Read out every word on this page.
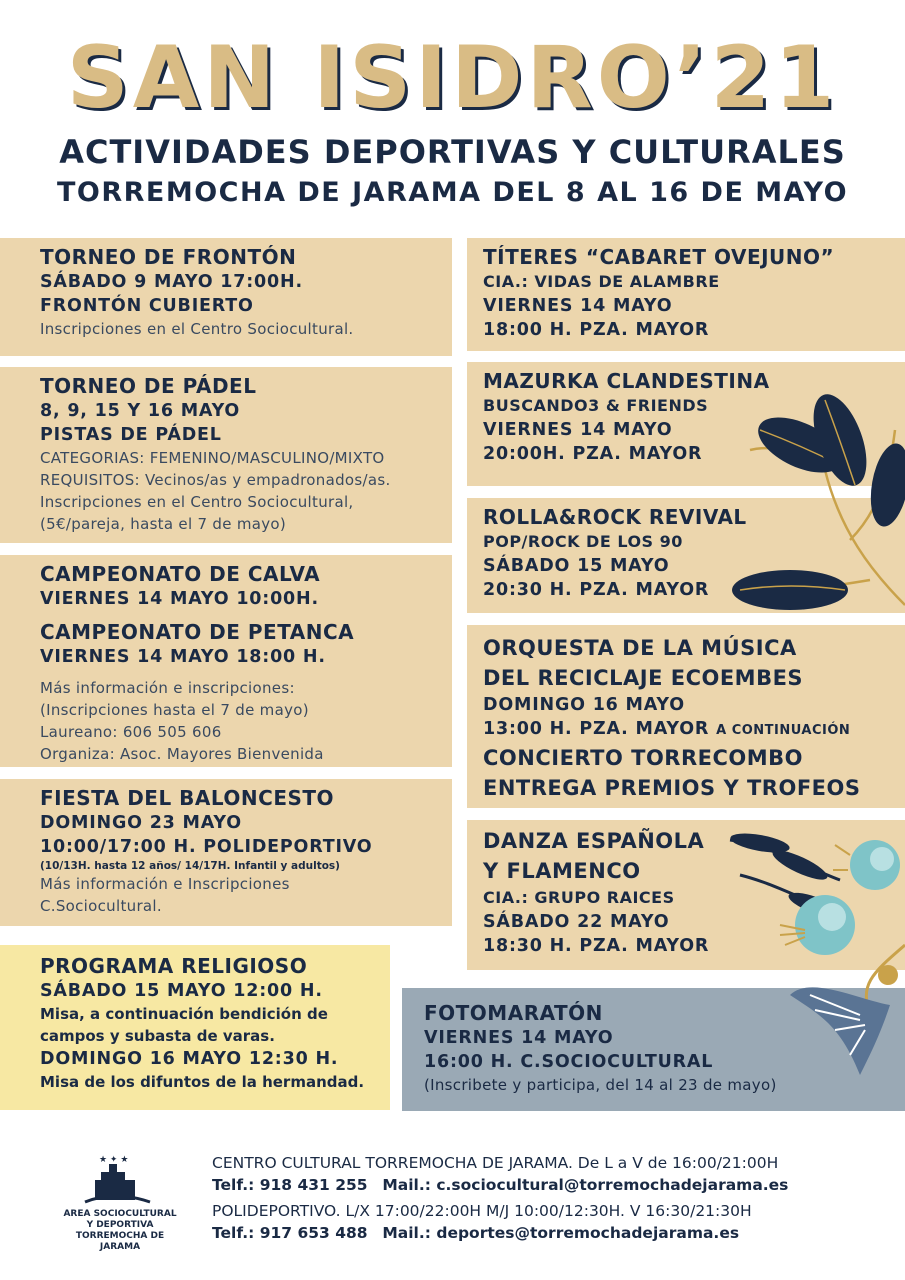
SAN ISIDRO’21
ACTIVIDADES DEPORTIVAS Y CULTURALES
TORREMOCHA DE JARAMA DEL 8 AL 16 DE MAYO
TORNEO DE FRONTÓN
SÁBADO 9 MAYO 17:00H.
FRONTÓN CUBIERTO
Inscripciones en el Centro Sociocultural.
TORNEO DE PÁDEL
8, 9, 15 Y 16 MAYO
PISTAS DE PÁDEL
CATEGORIAS: FEMENINO/MASCULINO/MIXTO
REQUISITOS: Vecinos/as y empadronados/as.
Inscripciones en el Centro Sociocultural,
(5€/pareja, hasta el 7 de mayo)
CAMPEONATO DE CALVA
VIERNES 14 MAYO 10:00H.
CAMPEONATO DE PETANCA
VIERNES 14 MAYO 18:00 H.
Más información e inscripciones:
(Inscripciones hasta el 7 de mayo)
Laureano: 606 505 606
Organiza: Asoc. Mayores Bienvenida
FIESTA DEL BALONCESTO
DOMINGO 23 MAYO
10:00/17:00 H. POLIDEPORTIVO
(10/13H. hasta 12 años/ 14/17H. Infantil y adultos)
Más información e Inscripciones
C.Sociocultural.
PROGRAMA RELIGIOSO
SÁBADO 15 MAYO 12:00 H.
Misa, a continuación bendición de
campos y subasta de varas.
DOMINGO 16 MAYO 12:30 H.
Misa de los difuntos de la hermandad.
TÍTERES “CABARET OVEJUNO”
CIA.: VIDAS DE ALAMBRE
VIERNES 14 MAYO
18:00 H. PZA. MAYOR
MAZURKA CLANDESTINA
BUSCANDO3 & FRIENDS
VIERNES 14 MAYO
20:00H. PZA. MAYOR
ROLLA&ROCK REVIVAL
POP/ROCK DE LOS 90
SÁBADO 15 MAYO
20:30 H. PZA. MAYOR
ORQUESTA DE LA MÚSICA
DEL RECICLAJE ECOEMBES
DOMINGO 16 MAYO
13:00 H. PZA. MAYOR A CONTINUACIÓN
CONCIERTO TORRECOMBO
ENTREGA PREMIOS Y TROFEOS
DANZA ESPAÑOLA
Y FLAMENCO
CIA.: GRUPO RAICES
SÁBADO 22 MAYO
18:30 H. PZA. MAYOR
FOTOMARATÓN
VIERNES 14 MAYO
16:00 H. C.SOCIOCULTURAL
(Inscribete y participa, del 14 al 23 de mayo)
★ ✦ ★
AREA SOCIOCULTURAL
Y DEPORTIVA
TORREMOCHA DE JARAMA
CENTRO CULTURAL TORREMOCHA DE JARAMA. De L a V de 16:00/21:00H
Telf.: 918 431 255 Mail.: c.sociocultural@torremochadejarama.es
POLIDEPORTIVO. L/X 17:00/22:00H M/J 10:00/12:30H. V 16:30/21:30H
Telf.: 917 653 488 Mail.: deportes@torremochadejarama.es
